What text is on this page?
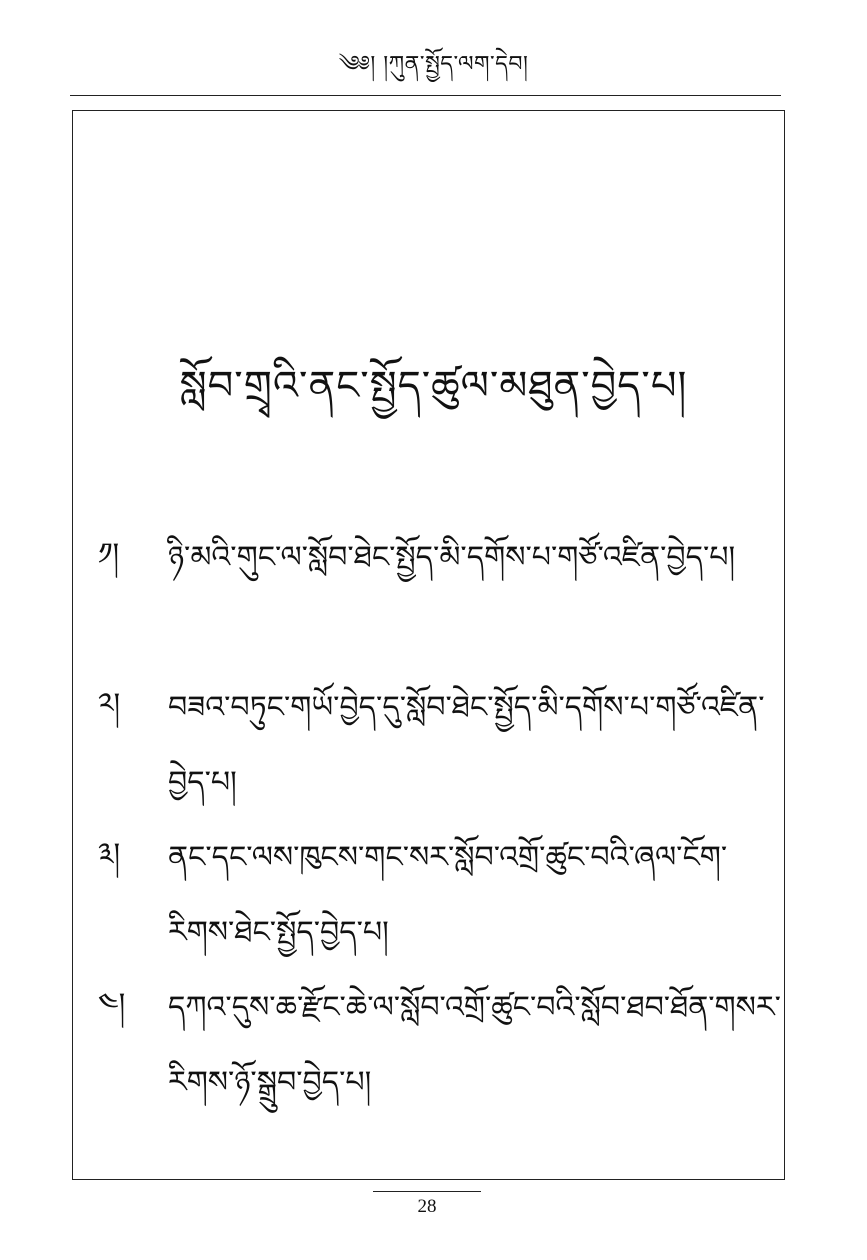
༄༅། །ཀུན་སྤྱོད་ལག་དེབ།
སློབ་གྲྭའི་ནང་སྤྱོད་ཚུལ་མཐུན་བྱེད་པ།
༡།	ཉི་མའི་གུང་ལ་སློབ་ཐེང་སྤྱོད་མི་དགོས་པ་གཙོ་འཛིན་བྱེད་པ།
༢།	བཟའ་བཏུང་གཡོ་བྱེད་དུ་སློབ་ཐེང་སྤྱོད་མི་དགོས་པ་གཙོ་འཛིན་བྱེད་པ།
༣།	ནང་དང་ལས་ཁུངས་གང་སར་སློབ་འགྲོ་ཚུང་བའི་ཞལ་ངོག་རིགས་ཐེང་སྤྱོད་བྱེད་པ།
༤།	དཀའ་དུས་ཆ་རྫོང་ཆེ་ལ་སློབ་འགྲོ་ཚུང་བའི་སློབ་ཐབ་ཐོན་གསར་རིགས་ཉོ་སྒྲུབ་བྱེད་པ།
28
